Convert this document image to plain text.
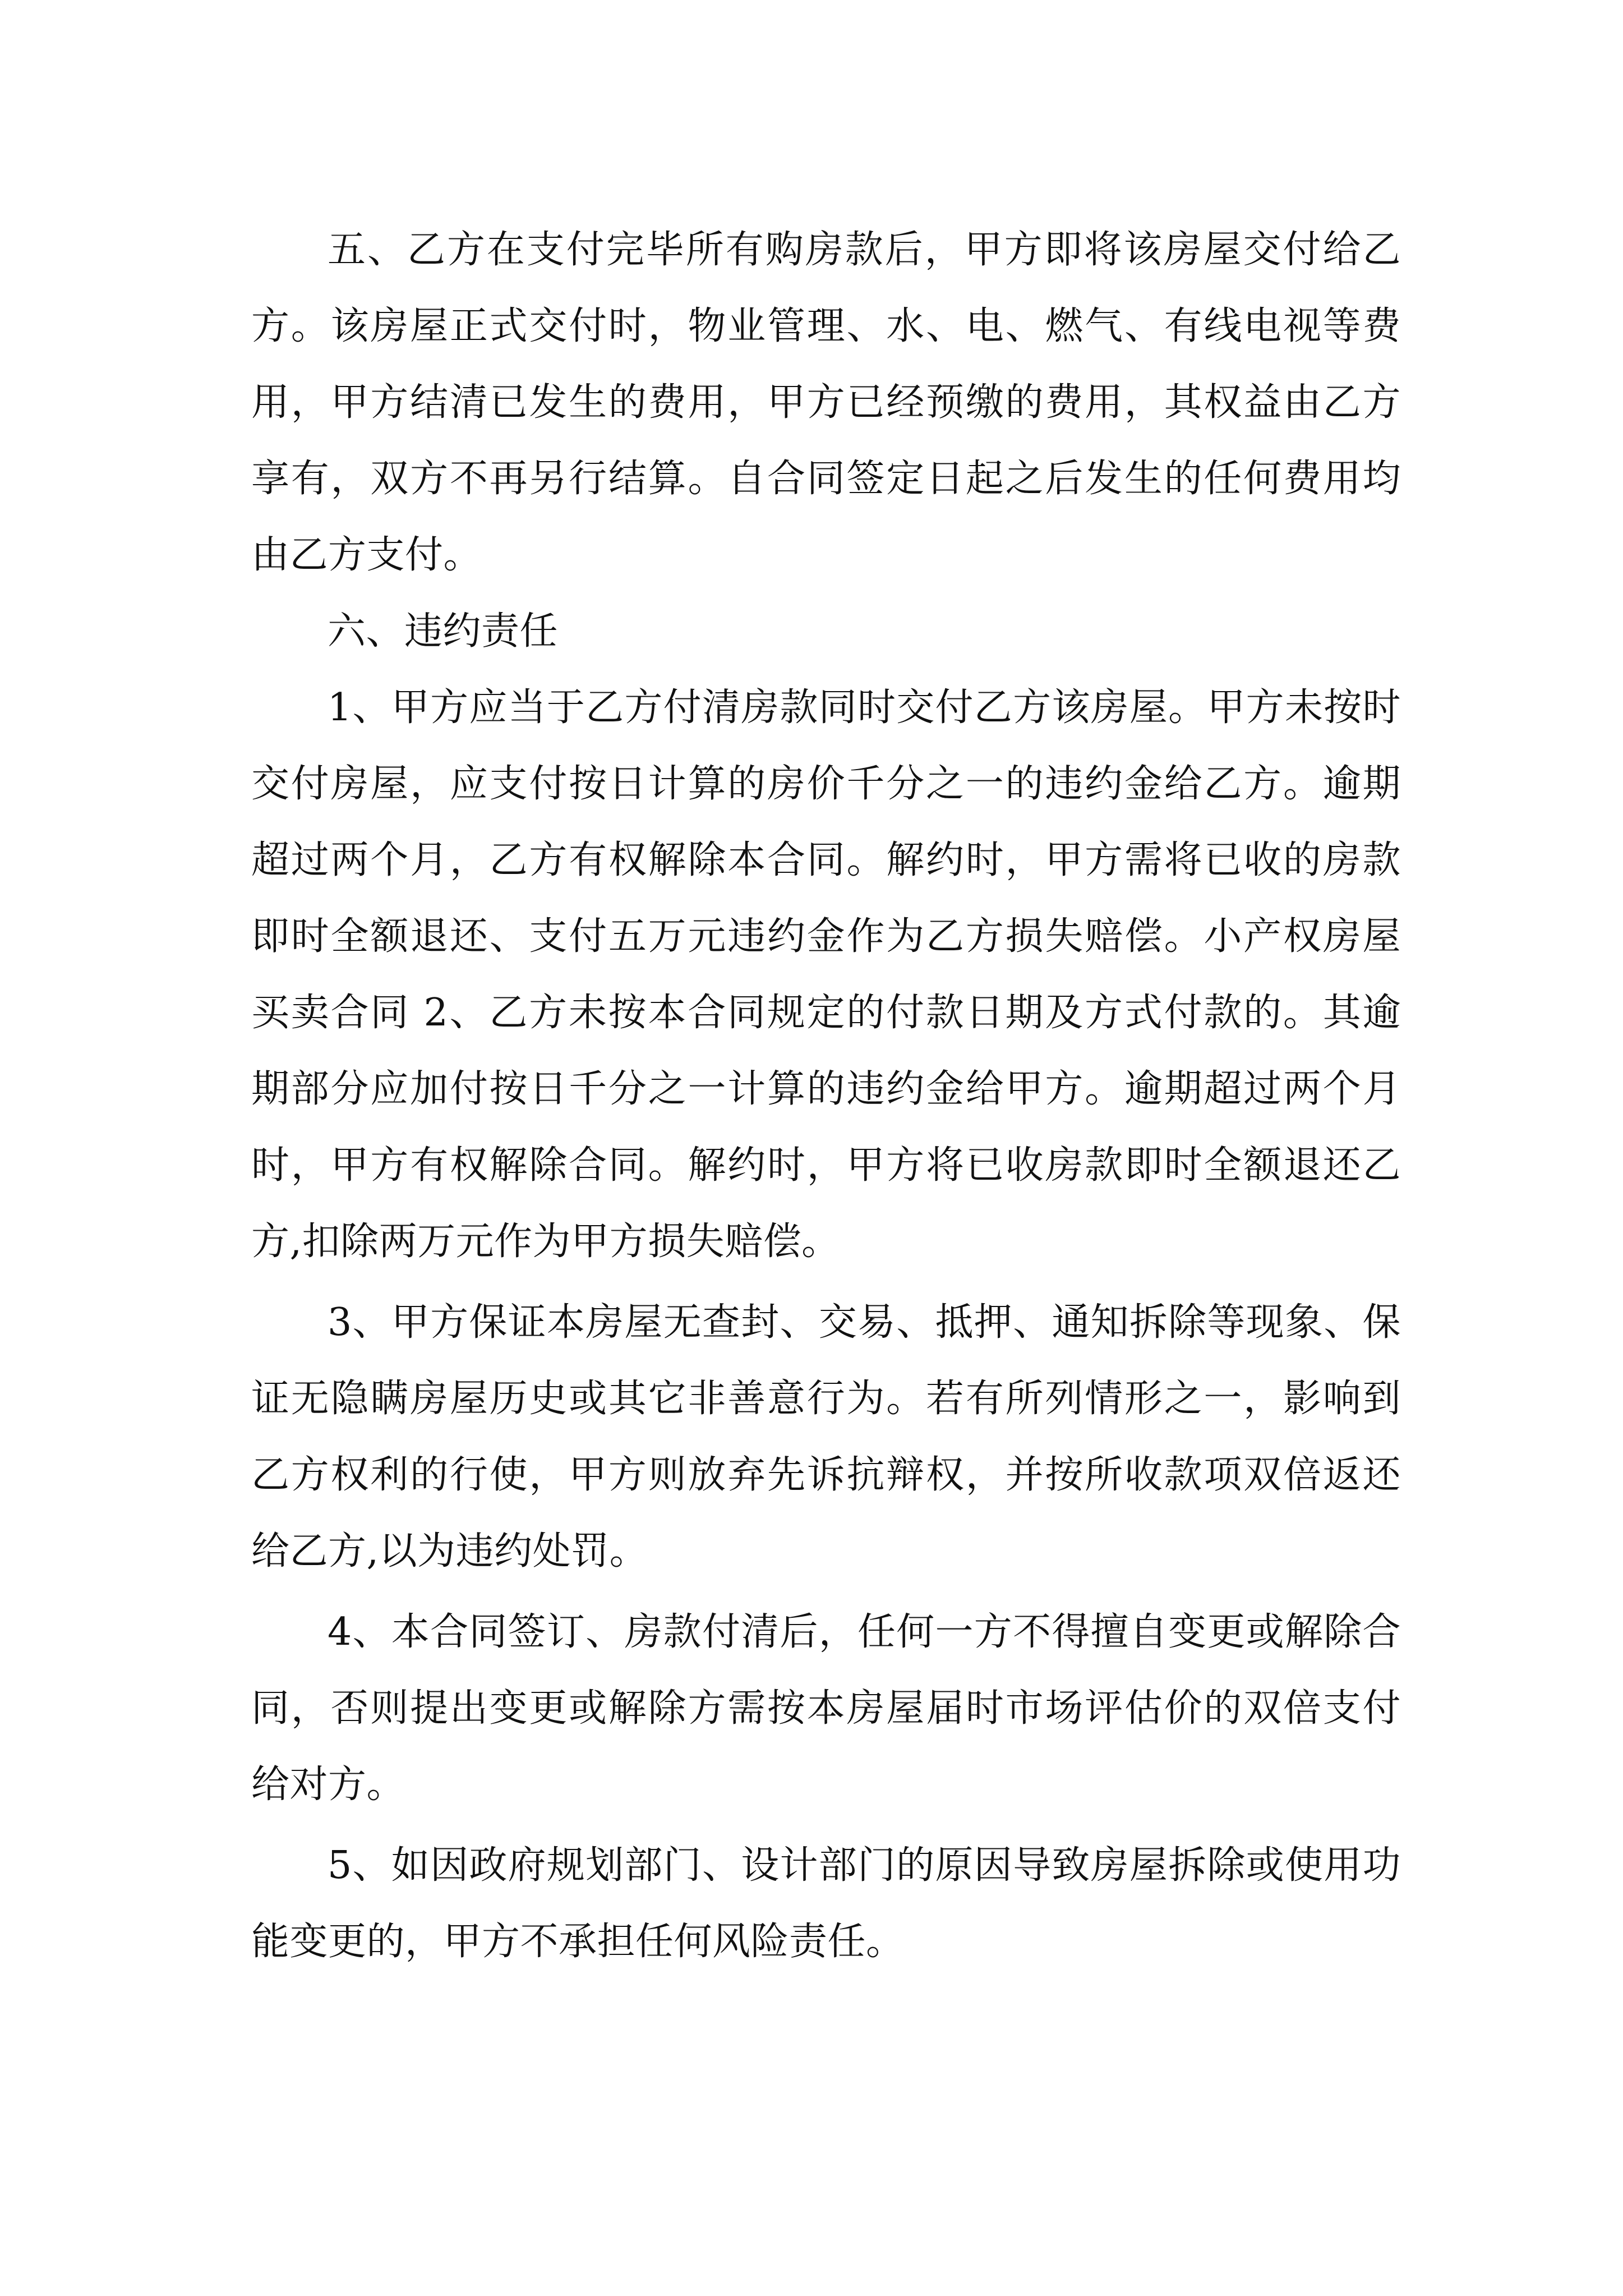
五、乙方在支付完毕所有购房款后，甲方即将该房屋交付给乙方。该房屋正式交付时，物业管理、水、电、燃气、有线电视等费用，甲方结清已发生的费用，甲方已经预缴的费用，其权益由乙方享有，双方不再另行结算。自合同签定日起之后发生的任何费用均由乙方支付。

六、违约责任

1、甲方应当于乙方付清房款同时交付乙方该房屋。甲方未按时交付房屋，应支付按日计算的房价千分之一的违约金给乙方。逾期超过两个月，乙方有权解除本合同。解约时，甲方需将已收的房款即时全额退还、支付五万元违约金作为乙方损失赔偿。小产权房屋买卖合同 2、乙方未按本合同规定的付款日期及方式付款的。其逾期部分应加付按日千分之一计算的违约金给甲方。逾期超过两个月时，甲方有权解除合同。解约时，甲方将已收房款即时全额退还乙方,扣除两万元作为甲方损失赔偿。

3、甲方保证本房屋无查封、交易、抵押、通知拆除等现象、保证无隐瞒房屋历史或其它非善意行为。若有所列情形之一，影响到乙方权利的行使，甲方则放弃先诉抗辩权，并按所收款项双倍返还给乙方,以为违约处罚。

4、本合同签订、房款付清后，任何一方不得擅自变更或解除合同，否则提出变更或解除方需按本房屋届时市场评估价的双倍支付给对方。

5、如因政府规划部门、设计部门的原因导致房屋拆除或使用功能变更的，甲方不承担任何风险责任。
